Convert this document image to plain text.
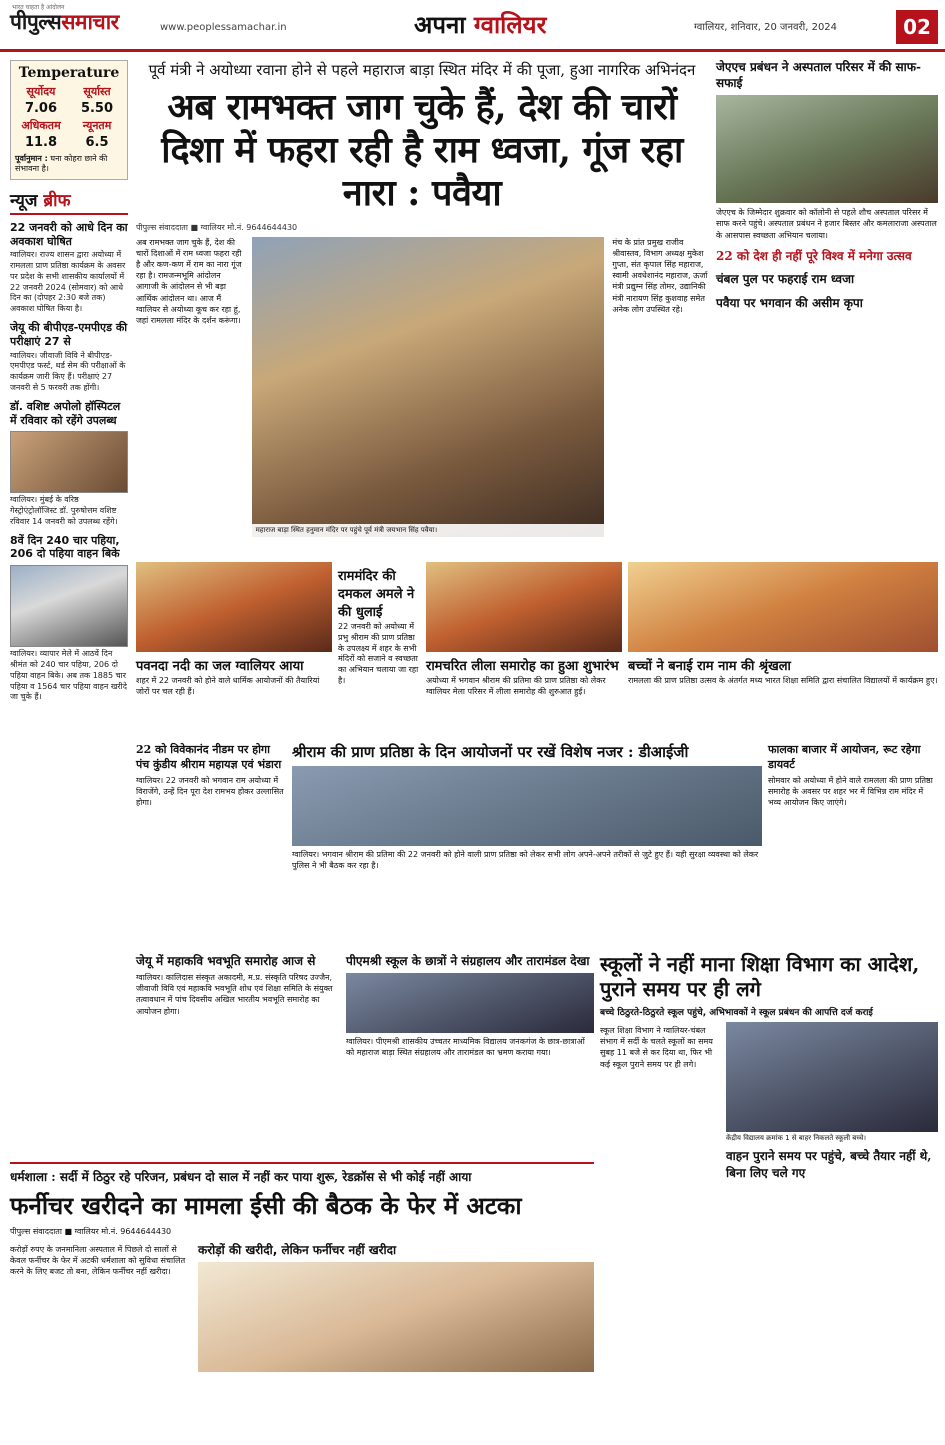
भारत चाहता है आंदोलन
पीपुल्ससमाचार	www.peoplessamachar.in	अपना ग्वालियर	ग्वालियर, शनिवार, 20 जनवरी, 2024	02
Temperature
सूर्योदय	सूर्यास्त
7.06	5.50
अधिकतम	न्यूनतम
11.8	6.5
पूर्वानुमान : घना कोहरा छाने की संभावना है।
न्यूज ब्रीफ
22 जनवरी को आधे दिन का अवकाश घोषित

ग्वालियर। राज्य शासन द्वारा अयोध्या में रामलला प्राण प्रतिष्ठा कार्यक्रम के अवसर पर प्रदेश के सभी शासकीय कार्यालयों में 22 जनवरी 2024 (सोमवार) को आधे दिन का (दोपहर 2:30 बजे तक) अवकाश घोषित किया है।

जेयू की बीपीएड-एमपीएड की परीक्षाएं 27 से

ग्वालियर। जीवाजी विवि ने बीपीएड-एमपीएड फर्स्ट, थर्ड सेम की परीक्षाओं के कार्यक्रम जारी किए हैं। परीक्षाएं 27 जनवरी से 5 फरवरी तक होंगी।

डॉ. वशिष्ट अपोलो हॉस्पिटल में रविवार को रहेंगे उपलब्ध

ग्वालियर। मुंबई के वरिष्ठ गेस्ट्रोएंट्रोलॉजिस्ट डॉ. पुरुषोत्तम वशिष्ट रविवार 14 जनवरी को उपलब्ध रहेंगे।

8वें दिन 240 चार पहिया, 206 दो पहिया वाहन बिके

ग्वालियर। व्यापार मेले में आठवें दिन श्रीमंत को 240 चार पहिया, 206 दो पहिया वाहन बिके। अब तक 1885 चार पहिया व 1564 चार पहिया वाहन खरीदे जा चुके हैं।

पूर्व मंत्री ने अयोध्या रवाना होने से पहले महाराज बाड़ा स्थित मंदिर में की पूजा, हुआ नागरिक अभिनंदन
अब रामभक्त जाग चुके हैं, देश की चारों दिशा में फहरा रही है राम ध्वजा, गूंज रहा नारा : पवैया
पीपुल्स संवाददाता ■ ग्वालियर मो.नं. 9644644430
अब रामभक्त जाग चुके हैं, देश की चारों दिशाओं में राम ध्वजा फहरा रही है और कण-कण में राम का नारा गूंज रहा है। रामजन्मभूमि आंदोलन आगाजी के आंदोलन से भी बड़ा आर्थिक आंदोलन था। आज मैं ग्वालियर से अयोध्या कूच कर रहा हूं, जहां रामलला मंदिर के दर्शन करूंगा।
महाराज बाड़ा स्थित हनुमान मंदिर पर पहुंचे पूर्व मंत्री जयभान सिंह पवैया।
मंच के प्रांत प्रमुख राजीव श्रीवास्तव, विभाग अध्यक्ष मुकेश गुप्ता, संत कृपाल सिंह महाराज, स्वामी अवधेशानंद महाराज, ऊर्जा मंत्री प्रद्युम्न सिंह तोमर, उद्यानिकी मंत्री नारायण सिंह कुशवाह समेत अनेक लोग उपस्थित रहे।
जेएएच प्रबंधन ने अस्पताल परिसर में की साफ-सफाई
जेएएच के जिम्मेदार शुक्रवार को कॉलोनी से पहले शौच अस्पताल परिसर में साफ करने पहुंचे। अस्पताल प्रबंधन ने हजार बिस्तर और कमलाराजा अस्पताल के आसपास स्वच्छता अभियान चलाया।
22 को देश ही नहीं पूरे विश्व में मनेगा उत्सव
चंबल पुल पर फहराई राम ध्वजा
पवैया पर भगवान की असीम कृपा
पवनदा नदी का जल ग्वालियर आया

शहर में 22 जनवरी को होने वाले धार्मिक आयोजनों की तैयारियां जोरों पर चल रही हैं।

राममंदिर की दमकल अमले ने की धुलाई

22 जनवरी को अयोध्या में प्रभु श्रीराम की प्राण प्रतिष्ठा के उपलक्ष्य में शहर के सभी मंदिरों को सजाने व स्वच्छता का अभियान चलाया जा रहा है।

रामचरित लीला समारोह का हुआ शुभारंभ

अयोध्या में भगवान श्रीराम की प्रतिमा की प्राण प्रतिष्ठा को लेकर ग्वालियर मेला परिसर में लीला समारोह की शुरुआत हुई।

बच्चों ने बनाई राम नाम की श्रृंखला

रामलला की प्राण प्रतिष्ठा उत्सव के अंतर्गत मध्य भारत शिक्षा समिति द्वारा संचालित विद्यालयों में कार्यक्रम हुए।

22 को विवेकानंद नीडम पर होगा पंच कुंडीय श्रीराम महायज्ञ एवं भंडारा

ग्वालियर। 22 जनवरी को भगवान राम अयोध्या में विराजेंगे, उन्हें दिन पूरा देश रामभय होकर उल्लासित होगा।

श्रीराम की प्राण प्रतिष्ठा के दिन आयोजनों पर रखें विशेष नजर : डीआईजी

ग्वालियर। भगवान श्रीराम की प्रतिमा की 22 जनवरी को होने वाली प्राण प्रतिष्ठा को लेकर सभी लोग अपने-अपने तरीकों से जुटे हुए हैं। यही सुरक्षा व्यवस्था को लेकर पुलिस ने भी बैठक कर रहा है।

फालका बाजार में आयोजन, रूट रहेगा डायवर्ट

सोमवार को अयोध्या में होने वाले रामलला की प्राण प्रतिष्ठा समारोह के अवसर पर शहर भर में विभिन्न राम मंदिर में भव्य आयोजन किए जाएंगे।

जेयू में महाकवि भवभूति समारोह आज से

ग्वालियर। कालिदास संस्कृत अकादमी, म.प्र. संस्कृति परिषद उज्जैन, जीवाजी विवि एवं महाकवि भवभूति शोध एवं शिक्षा समिति के संयुक्त तत्वावधान में पांच दिवसीय अखिल भारतीय भवभूति समारोह का आयोजन होगा।

पीएमश्री स्कूल के छात्रों ने संग्रहालय और तारामंडल देखा

ग्वालियर। पीएमश्री शासकीय उच्चतर माध्यमिक विद्यालय जनकगंज के छात्र-छात्राओं को महाराज बाड़ा स्थित संग्रहालय और तारामंडल का भ्रमण कराया गया।

स्कूलों ने नहीं माना शिक्षा विभाग का आदेश, पुराने समय पर ही लगे
बच्चे ठिठुरते-ठिठुरते स्कूल पहुंचे, अभिभावकों ने स्कूल प्रबंधन की आपत्ति दर्ज कराई

स्कूल शिक्षा विभाग ने ग्वालियर-चंबल संभाग में सर्दी के चलते स्कूलों का समय सुबह 11 बजे से कर दिया था, फिर भी कई स्कूल पुराने समय पर ही लगे।

केंद्रीय विद्यालय क्रमांक 1 से बाहर निकलते स्कूली बच्चे।
वाहन पुराने समय पर पहुंचे, बच्चे तैयार नहीं थे, बिना लिए चले गए
धर्मशाला : सर्दी में ठिठुर रहे परिजन, प्रबंधन दो साल में नहीं कर पाया शुरू, रेडक्रॉस से भी कोई नहीं आया
फर्नीचर खरीदने का मामला ईसी की बैठक के फेर में अटका
पीपुल्स संवाददाता ■ ग्वालियर मो.नं. 9644644430

करोड़ों रुपए के जनमानिला अस्पताल में पिछले दो सालों से केवल फर्नीचर के फेर में अटकी धर्मशाला को सुविधा संचालित करने के लिए बजट तो बना, लेकिन फर्नीचर नहीं खरीदा।

करोड़ों की खरीदी, लेकिन फर्नीचर नहीं खरीदा
